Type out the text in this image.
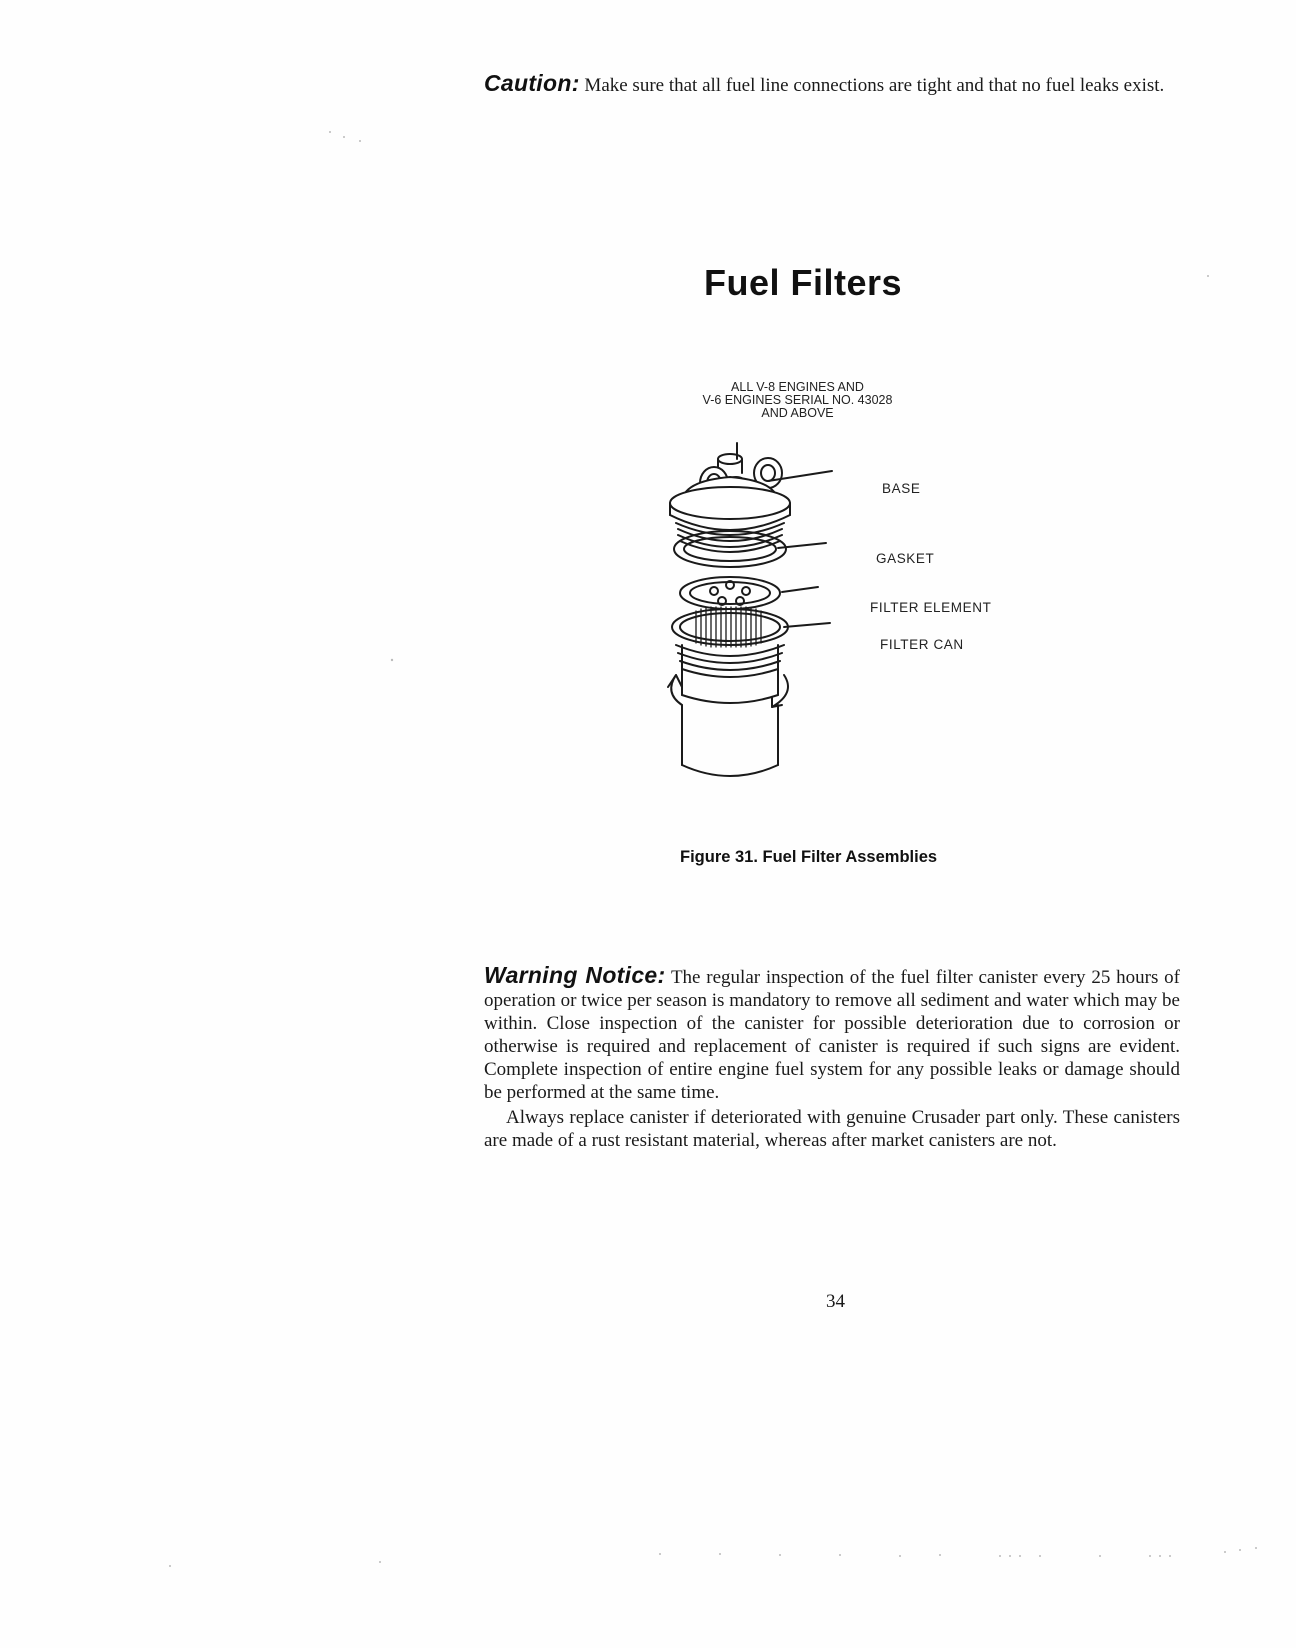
Caution: Make sure that all fuel line connections are tight and that no fuel leaks exist.
Fuel Filters
ALL V-8 ENGINES AND
V-6 ENGINES SERIAL NO. 43028
AND ABOVE
BASE
GASKET
FILTER ELEMENT
FILTER CAN
Figure 31. Fuel Filter Assemblies

Warning Notice: The regular inspection of the fuel filter canister every 25 hours of operation or twice per season is mandatory to remove all sediment and water which may be within. Close inspection of the canister for possible deterioration due to corrosion or otherwise is required and replacement of canister is required if such signs are evident. Complete inspection of entire engine fuel system for any possible leaks or damage should be performed at the same time.

Always replace canister if deteriorated with genuine Crusader part only. These canisters are made of a rust resistant material, whereas after market canisters are not.

34
